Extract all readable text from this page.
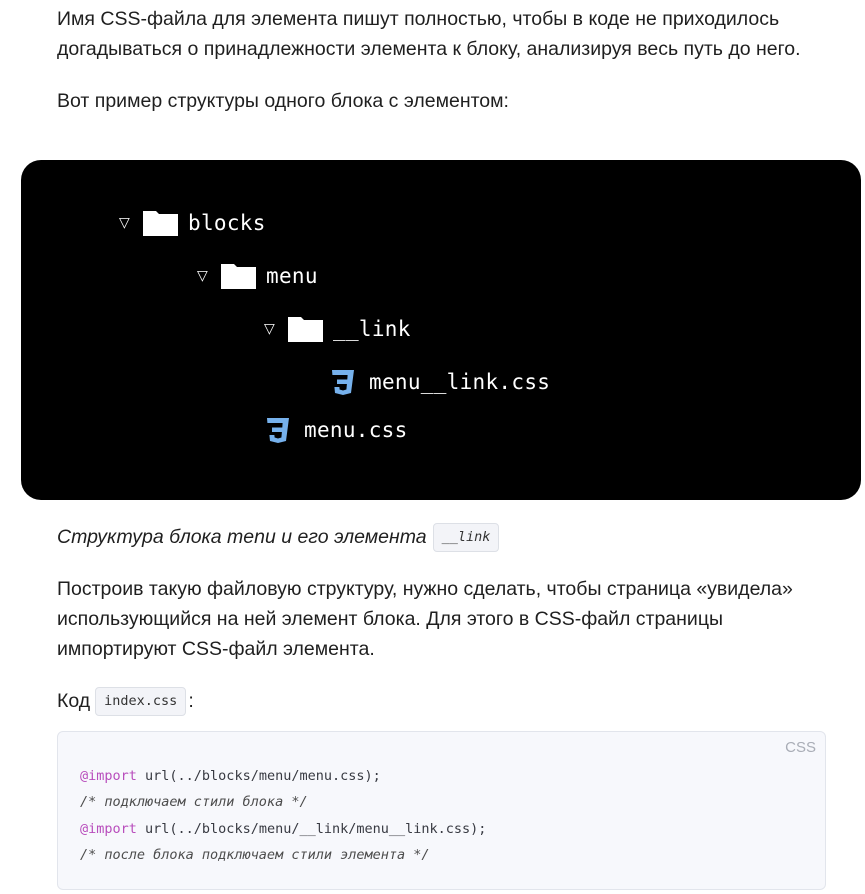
Имя CSS-файла для элемента пишут полностью, чтобы в коде не приходилось догадываться о принадлежности элемента к блоку, анализируя весь путь до него.

Вот пример структуры одного блока с элементом:

▽	blocks
▽	menu
▽	__link
menu__link.css
menu.css
Структура блока menu и его элемента	__link

Построив такую файловую структуру, нужно сделать, чтобы страница «увидела» использующийся на ней элемент блока. Для этого в CSS-файл страницы импортируют CSS-файл элемента.

Код	index.css :
CSS
@import url(../blocks/menu/menu.css);
/* подключаем стили блока */
@import url(../blocks/menu/__link/menu__link.css);
/* после блока подключаем стили элемента */
